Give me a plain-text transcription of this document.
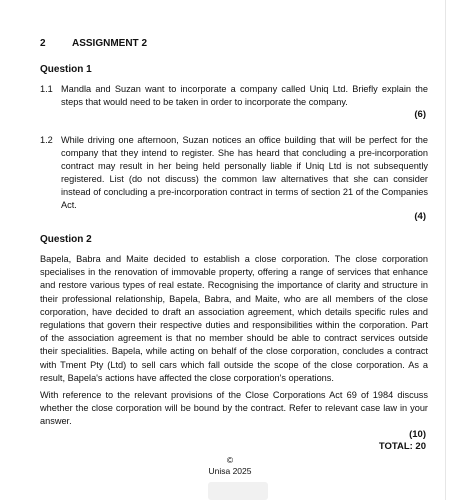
2	ASSIGNMENT 2
Question 1
1.1 Mandla and Suzan want to incorporate a company called Uniq Ltd. Briefly explain the steps that would need to be taken in order to incorporate the company.
(6)
1.2 While driving one afternoon, Suzan notices an office building that will be perfect for the company that they intend to register. She has heard that concluding a pre-incorporation contract may result in her being held personally liable if Uniq Ltd is not subsequently registered. List (do not discuss) the common law alternatives that she can consider instead of concluding a pre-incorporation contract in terms of section 21 of the Companies Act.
(4)
Question 2
Bapela, Babra and Maite decided to establish a close corporation. The close corporation specialises in the renovation of immovable property, offering a range of services that enhance and restore various types of real estate. Recognising the importance of clarity and structure in their professional relationship, Bapela, Babra, and Maite, who are all members of the close corporation, have decided to draft an association agreement, which details specific rules and regulations that govern their respective duties and responsibilities within the corporation. Part of the association agreement is that no member should be able to contract services outside their specialities. Bapela, while acting on behalf of the close corporation, concludes a contract with Tment Pty (Ltd) to sell cars which fall outside the scope of the close corporation. As a result, Bapela's actions have affected the close corporation's operations.
With reference to the relevant provisions of the Close Corporations Act 69 of 1984 discuss whether the close corporation will be bound by the contract. Refer to relevant case law in your answer.
(10)
TOTAL: 20
©
Unisa 2025
